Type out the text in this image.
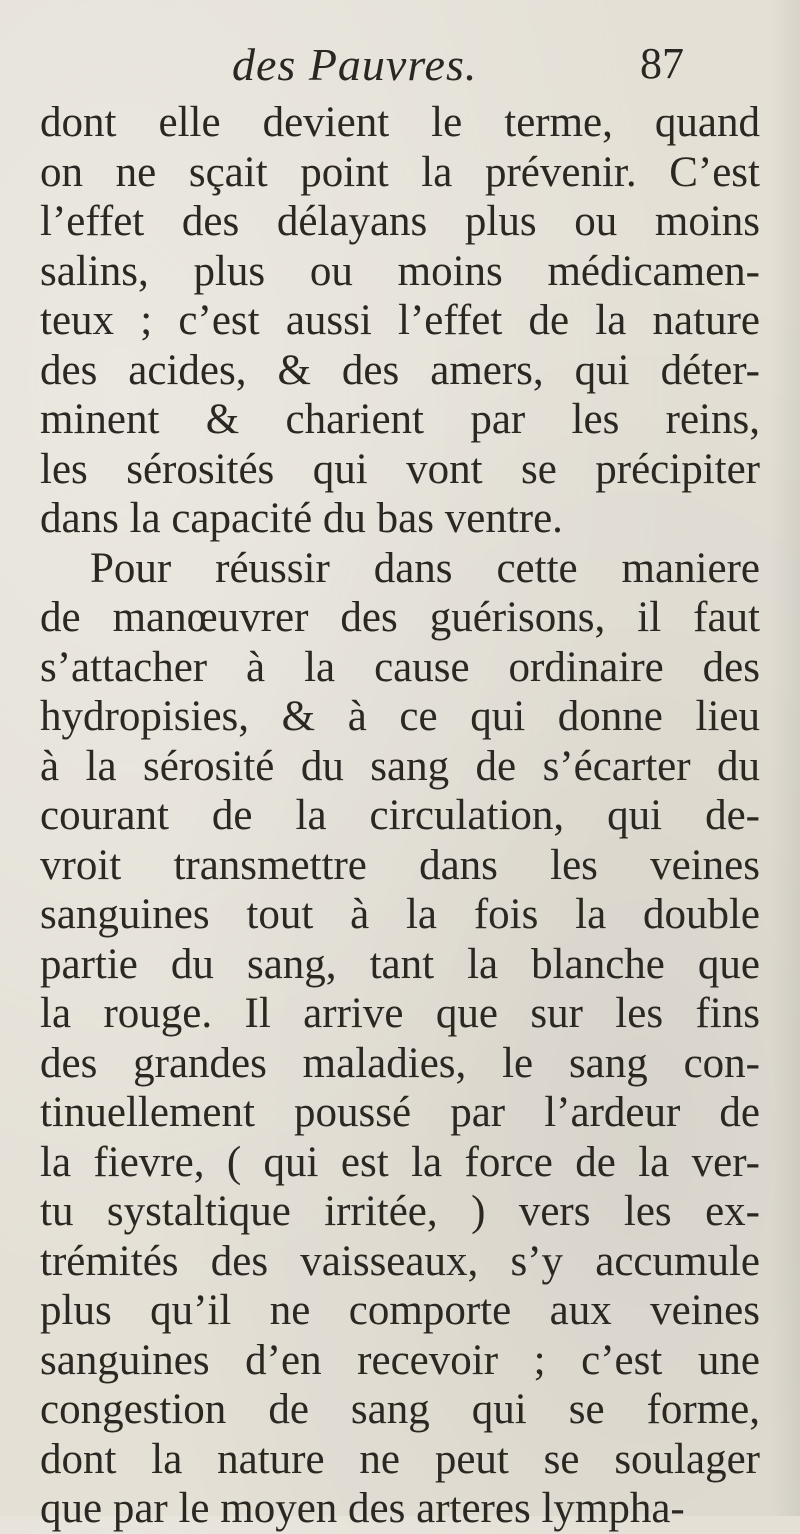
des Pauvres.	87
dont elle devient le terme, quand
on ne sçait point la prévenir. C’est
l’effet des délayans plus ou moins
salins, plus ou moins médicamen-
teux ; c’est aussi l’effet de la nature
des acides, & des amers, qui déter-
minent & charient par les reins,
les sérosités qui vont se précipiter
dans la capacité du bas ventre.
Pour réussir dans cette maniere
de manœuvrer des guérisons, il faut
s’attacher à la cause ordinaire des
hydropisies, & à ce qui donne lieu
à la sérosité du sang de s’écarter du
courant de la circulation, qui de-
vroit transmettre dans les veines
sanguines tout à la fois la double
partie du sang, tant la blanche que
la rouge. Il arrive que sur les fins
des grandes maladies, le sang con-
tinuellement poussé par l’ardeur de
la fievre, ( qui est la force de la ver-
tu systaltique irritée, ) vers les ex-
trémités des vaisseaux, s’y accumule
plus qu’il ne comporte aux veines
sanguines d’en recevoir ; c’est une
congestion de sang qui se forme,
dont la nature ne peut se soulager
que par le moyen des arteres lympha-
